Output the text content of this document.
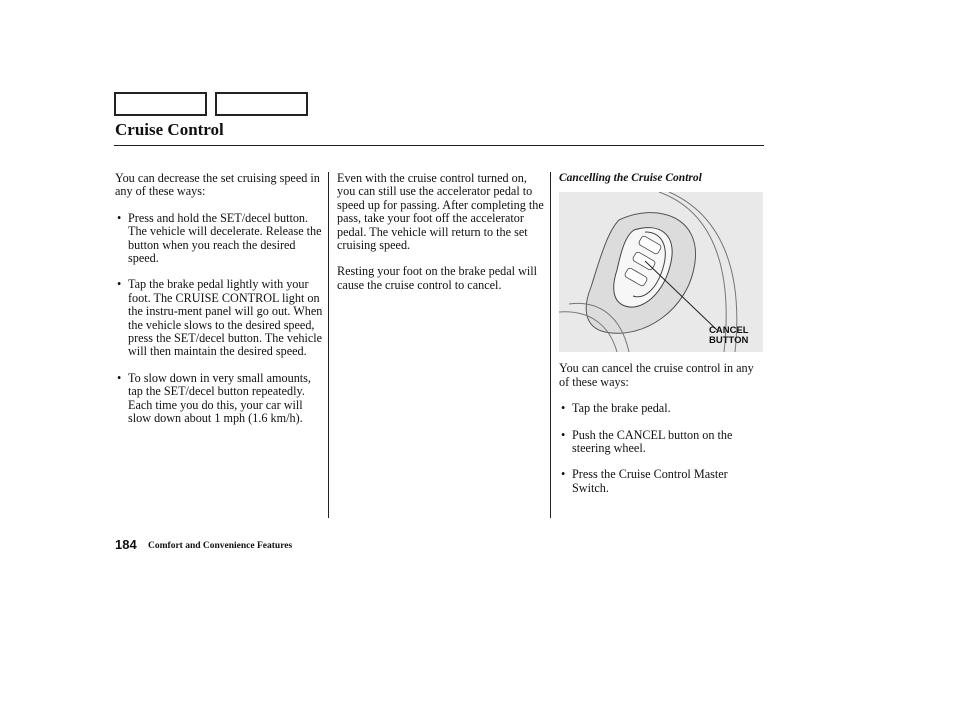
Cruise Control

You can decrease the set cruising speed in any of these ways:

• Press and hold the SET/decel button. The vehicle will decelerate. Release the button when you reach the desired speed.
• Tap the brake pedal lightly with your foot. The CRUISE CONTROL light on the instru-ment panel will go out. When the vehicle slows to the desired speed, press the SET/decel button. The vehicle will then maintain the desired speed.
• To slow down in very small amounts, tap the SET/decel button repeatedly. Each time you do this, your car will slow down about 1 mph (1.6 km/h).

Even with the cruise control turned on, you can still use the accelerator pedal to speed up for passing. After completing the pass, take your foot off the accelerator pedal. The vehicle will return to the set cruising speed.

Resting your foot on the brake pedal will cause the cruise control to cancel.

Cancelling the Cruise Control
CANCEL
BUTTON

You can cancel the cruise control in any of these ways:

• Tap the brake pedal.
• Push the CANCEL button on the steering wheel.
• Press the Cruise Control Master Switch.
184 Comfort and Convenience Features
